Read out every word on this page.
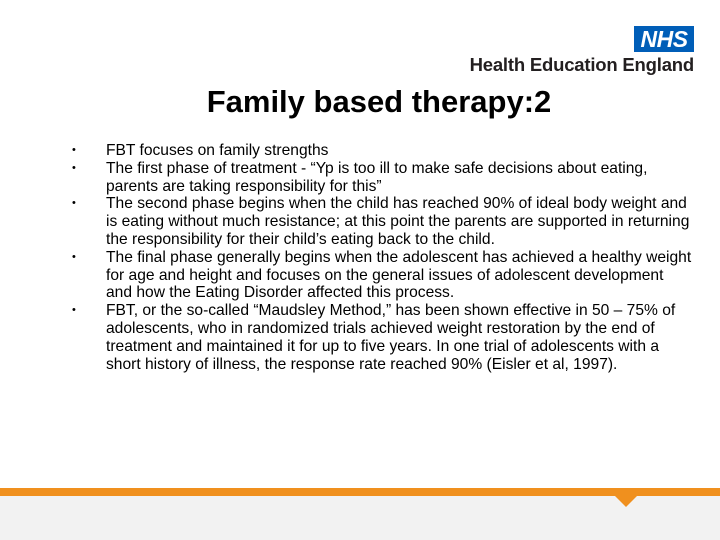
NHS
Health Education England
Family based therapy:2
•	FBT focuses on family strengths
•	The first phase of treatment - “Yp is too ill to make safe decisions about eating, parents are taking responsibility for this”
•	The second phase begins when the child has reached 90% of ideal body weight and is eating without much resistance; at this point the parents are supported in returning the responsibility for their child’s eating back to the child.
•	The final phase generally begins when the adolescent has achieved a healthy weight for age and height and focuses on the general issues of adolescent development and how the Eating Disorder affected this process.
•	FBT, or the so-called “Maudsley Method,” has been shown effective in 50 – 75% of adolescents, who in randomized trials achieved weight restoration by the end of treatment and maintained it for up to five years. In one trial of adolescents with a short history of illness, the response rate reached 90% (Eisler et al, 1997).
